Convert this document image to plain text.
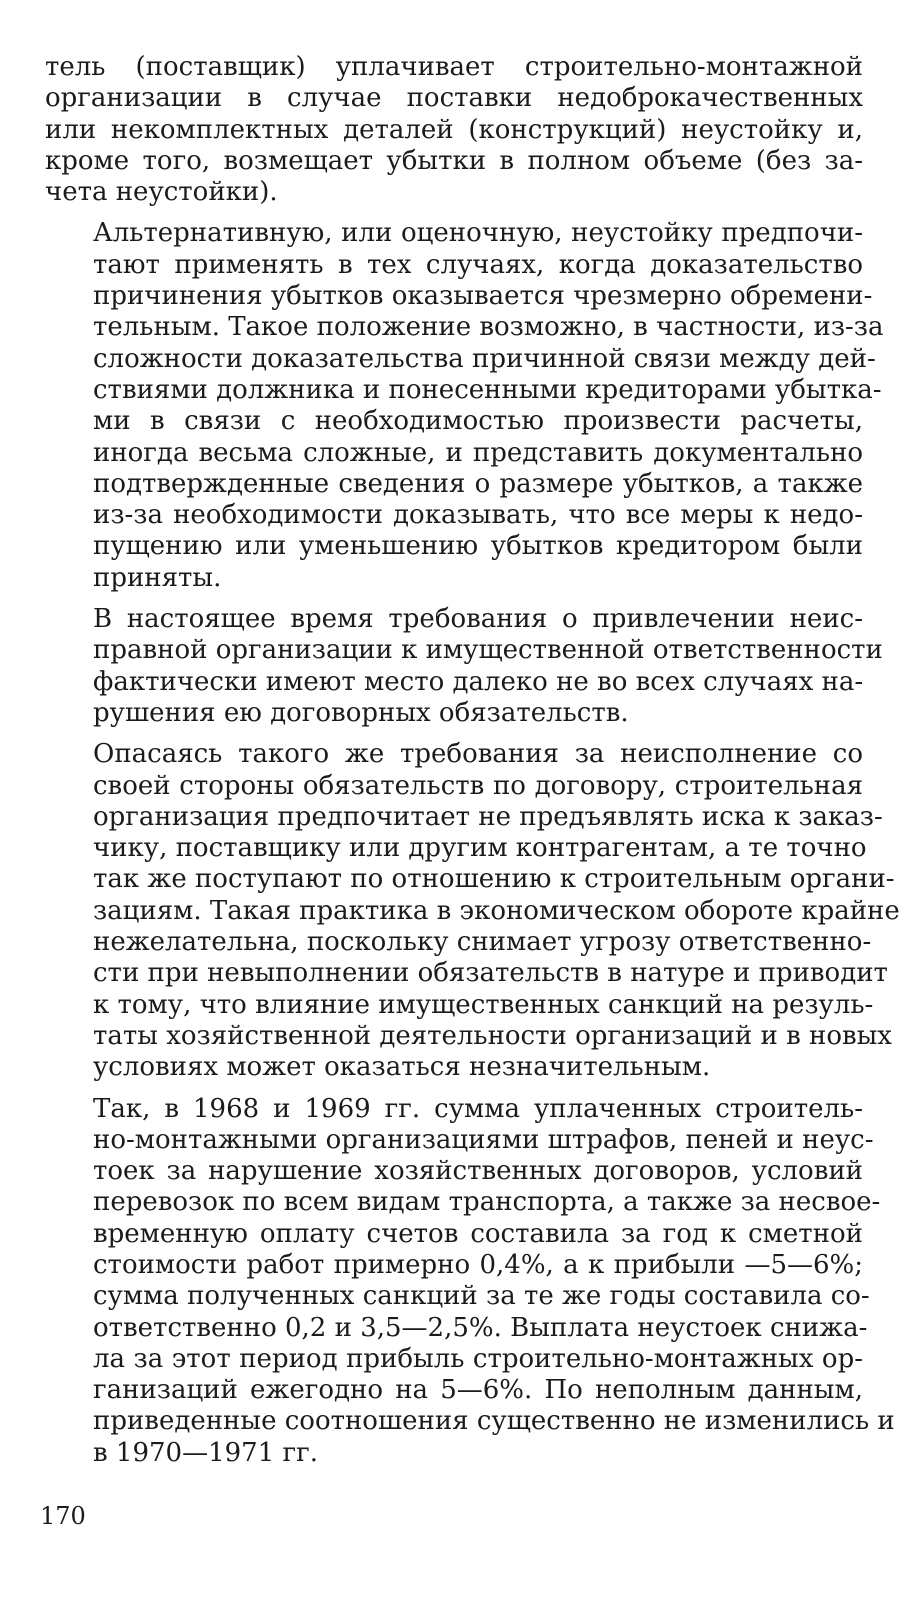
тель (поставщик) уплачивает строительно-монтажной
организации в случае поставки недоброкачественных
или некомплектных деталей (конструкций) неустойку и,
кроме того, возмещает убытки в полном объеме (без за-
чета неустойки).

Альтернативную, или оценочную, неустойку предпочи-
тают применять в тех случаях, когда доказательство
причинения убытков оказывается чрезмерно обремени-
тельным. Такое положение возможно, в частности, из-за
сложности доказательства причинной связи между дей-
ствиями должника и понесенными кредиторами убытка-
ми в связи с необходимостью произвести расчеты,
иногда весьма сложные, и представить документально
подтвержденные сведения о размере убытков, а также
из-за необходимости доказывать, что все меры к недо-
пущению или уменьшению убытков кредитором были
приняты.

В настоящее время требования о привлечении неис-
правной организации к имущественной ответственности
фактически имеют место далеко не во всех случаях на-
рушения ею договорных обязательств.

Опасаясь такого же требования за неисполнение со
своей стороны обязательств по договору, строительная
организация предпочитает не предъявлять иска к заказ-
чику, поставщику или другим контрагентам, а те точно
так же поступают по отношению к строительным органи-
зациям. Такая практика в экономическом обороте крайне
нежелательна, поскольку снимает угрозу ответственно-
сти при невыполнении обязательств в натуре и приводит
к тому, что влияние имущественных санкций на резуль-
таты хозяйственной деятельности организаций и в новых
условиях может оказаться незначительным.

Так, в 1968 и 1969 гг. сумма уплаченных строитель-
но-монтажными организациями штрафов, пеней и неус-
тоек за нарушение хозяйственных договоров, условий
перевозок по всем видам транспорта, а также за несвое-
временную оплату счетов составила за год к сметной
стоимости работ примерно 0,4%, а к прибыли —5—6%;
сумма полученных санкций за те же годы составила со-
ответственно 0,2 и 3,5—2,5%. Выплата неустоек снижа-
ла за этот период прибыль строительно-монтажных ор-
ганизаций ежегодно на 5—6%. По неполным данным,
приведенные соотношения существенно не изменились и
в 1970—1971 гг.

170
